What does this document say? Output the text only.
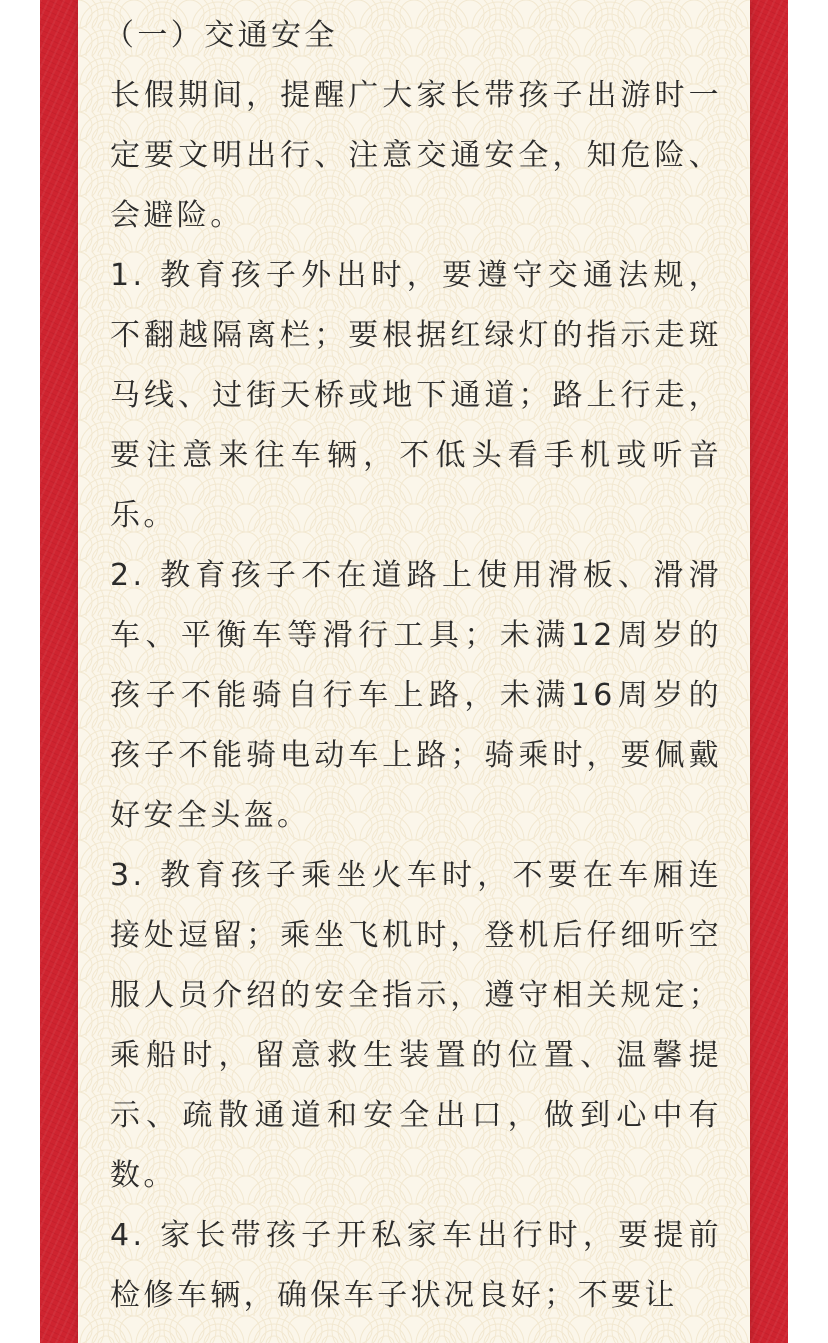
（一）交通安全

长假期间，提醒广大家长带孩子出游时一定要文明出行、注意交通安全，知危险、会避险。

1. 教育孩子外出时，要遵守交通法规，不翻越隔离栏；要根据红绿灯的指示走斑马线、过街天桥或地下通道；路上行走，要注意来往车辆，不低头看手机或听音乐。

2. 教育孩子不在道路上使用滑板、滑滑车、平衡车等滑行工具；未满12周岁的孩子不能骑自行车上路，未满16周岁的孩子不能骑电动车上路；骑乘时，要佩戴好安全头盔。

3. 教育孩子乘坐火车时，不要在车厢连接处逗留；乘坐飞机时，登机后仔细听空服人员介绍的安全指示，遵守相关规定；乘船时，留意救生装置的位置、温馨提示、疏散通道和安全出口，做到心中有数。

4. 家长带孩子开私家车出行时，要提前检修车辆，确保车子状况良好；不要让
